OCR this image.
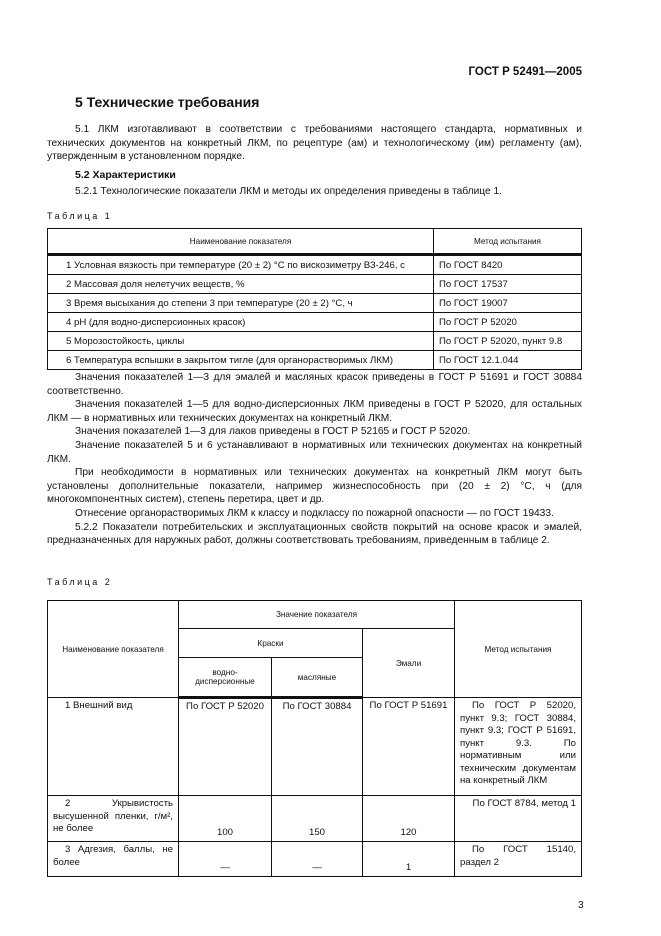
ГОСТ Р 52491—2005
5 Технические требования

5.1 ЛКМ изготавливают в соответствии с требованиями настоящего стандарта, нормативных и технических документов на конкретный ЛКМ, по рецептуре (ам) и технологическому (им) регламенту (ам), утвержденным в установленном порядке.

5.2 Характеристики

5.2.1 Технологические показатели ЛКМ и методы их определения приведены в таблице 1.

Таблица 1
Наименование показателя	Метод испытания
1 Условная вязкость при температуре (20 ± 2) °С по вискозиметру ВЗ-246, с	По ГОСТ 8420
2 Массовая доля нелетучих веществ, %	По ГОСТ 17537
3 Время высыхания до степени 3 при температуре (20 ± 2) °С, ч	По ГОСТ 19007
4 pH (для водно-дисперсионных красок)	По ГОСТ Р 52020
5 Морозостойкость, циклы	По ГОСТ Р 52020, пункт 9.8
6 Температура вспышки в закрытом тигле (для органорастворимых ЛКМ)	По ГОСТ 12.1.044

Значения показателей 1—3 для эмалей и масляных красок приведены в ГОСТ Р 51691 и ГОСТ 30884 соответственно.

Значения показателей 1—5 для водно-дисперсионных ЛКМ приведены в ГОСТ Р 52020, для остальных ЛКМ — в нормативных или технических документах на конкретный ЛКМ.

Значения показателей 1—3 для лаков приведены в ГОСТ Р 52165 и ГОСТ Р 52020.

Значение показателей 5 и 6 устанавливают в нормативных или технических документах на конкретный ЛКМ.

При необходимости в нормативных или технических документах на конкретный ЛКМ могут быть установлены дополнительные показатели, например жизнеспособность при (20 ± 2) °С, ч (для многокомпонентных систем), степень перетира, цвет и др.

Отнесение органорастворимых ЛКМ к классу и подклассу по пожарной опасности — по ГОСТ 19433.

5.2.2 Показатели потребительских и эксплуатационных свойств покрытий на основе красок и эмалей, предназначенных для наружных работ, должны соответствовать требованиям, приведенным в таблице 2.

Таблица 2
Наименование показателя	Значение показателя			Метод испытания
	Краски		Эмали	
	водно-дисперсионные	масляные		
1 Внешний вид	По ГОСТ Р 52020	По ГОСТ 30884	По ГОСТ Р 51691	По ГОСТ Р 52020, пункт 9.3; ГОСТ 30884, пункт 9.3; ГОСТ Р 51691, пункт 9.3. По нормативным или техническим документам на конкретный ЛКМ
2 Укрывистость высушенной пленки, г/м², не более	100	150	120	По ГОСТ 8784, метод 1
3 Адгезия, баллы, не более	—	—	1	По ГОСТ 15140, раздел 2
3
